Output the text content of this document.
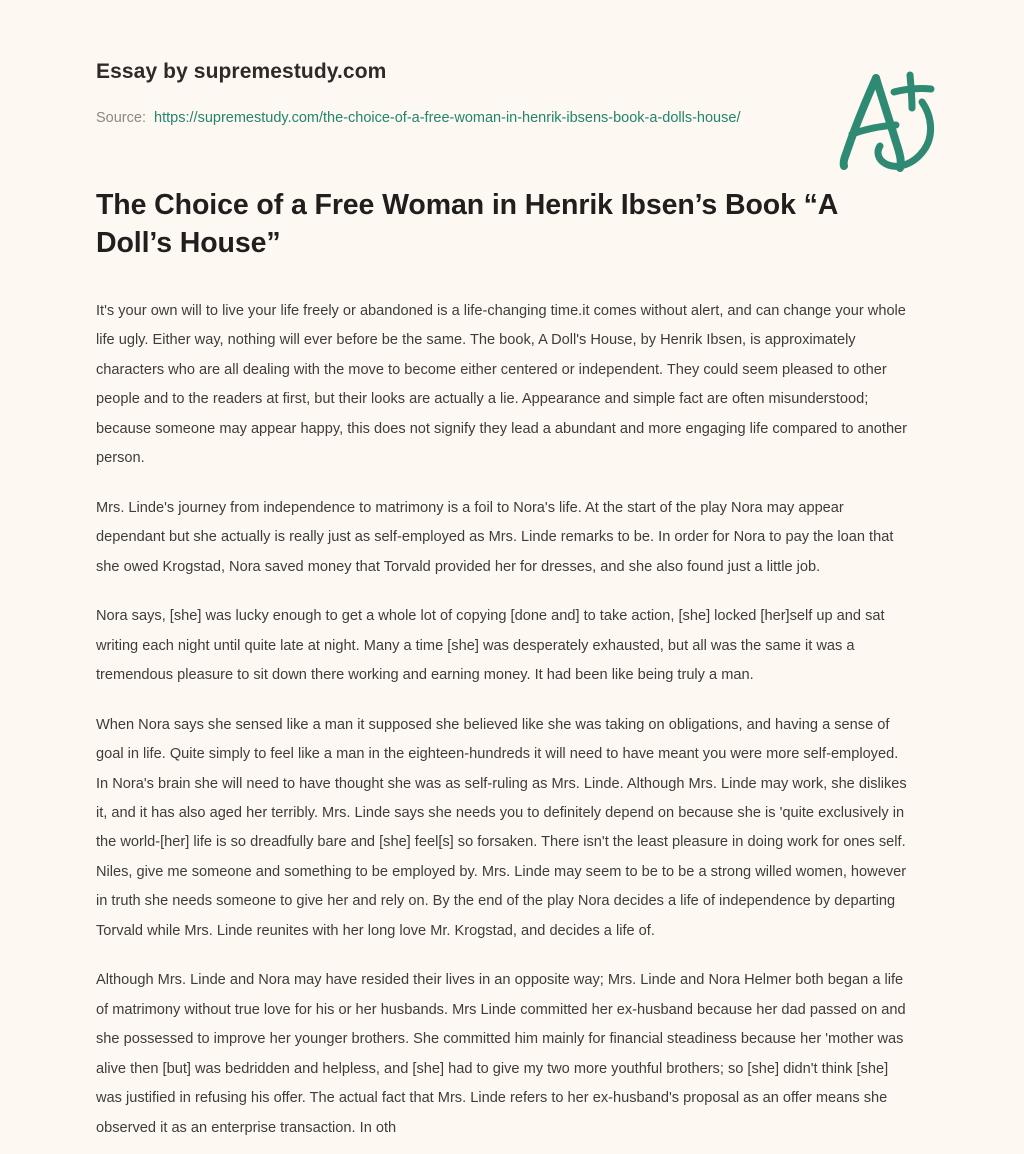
Essay by supremestudy.com
Source: https://supremestudy.com/the-choice-of-a-free-woman-in-henrik-ibsens-book-a-dolls-house/
The Choice of a Free Woman in Henrik Ibsen’s Book “A Doll’s House”

It's your own will to live your life freely or abandoned is a life-changing time.it comes without alert, and can change your whole life ugly. Either way, nothing will ever before be the same. The book, A Doll's House, by Henrik Ibsen, is approximately characters who are all dealing with the move to become either centered or independent. They could seem pleased to other people and to the readers at first, but their looks are actually a lie. Appearance and simple fact are often misunderstood; because someone may appear happy, this does not signify they lead a abundant and more engaging life compared to another person.

Mrs. Linde's journey from independence to matrimony is a foil to Nora's life. At the start of the play Nora may appear dependant but she actually is really just as self-employed as Mrs. Linde remarks to be. In order for Nora to pay the loan that she owed Krogstad, Nora saved money that Torvald provided her for dresses, and she also found just a little job.

Nora says, [she] was lucky enough to get a whole lot of copying [done and] to take action, [she] locked [her]self up and sat writing each night until quite late at night. Many a time [she] was desperately exhausted, but all was the same it was a tremendous pleasure to sit down there working and earning money. It had been like being truly a man.

When Nora says she sensed like a man it supposed she believed like she was taking on obligations, and having a sense of goal in life. Quite simply to feel like a man in the eighteen-hundreds it will need to have meant you were more self-employed. In Nora's brain she will need to have thought she was as self-ruling as Mrs. Linde. Although Mrs. Linde may work, she dislikes it, and it has also aged her terribly. Mrs. Linde says she needs you to definitely depend on because she is 'quite exclusively in the world-[her] life is so dreadfully bare and [she] feel[s] so forsaken. There isn't the least pleasure in doing work for ones self. Niles, give me someone and something to be employed by. Mrs. Linde may seem to be to be a strong willed women, however in truth she needs someone to give her and rely on. By the end of the play Nora decides a life of independence by departing Torvald while Mrs. Linde reunites with her long love Mr. Krogstad, and decides a life of.

Although Mrs. Linde and Nora may have resided their lives in an opposite way; Mrs. Linde and Nora Helmer both began a life of matrimony without true love for his or her husbands. Mrs Linde committed her ex-husband because her dad passed on and she possessed to improve her younger brothers. She committed him mainly for financial steadiness because her 'mother was alive then [but] was bedridden and helpless, and [she] had to give my two more youthful brothers; so [she] didn't think [she] was justified in refusing his offer. The actual fact that Mrs. Linde refers to her ex-husband's proposal as an offer means she observed it as an enterprise transaction. In oth
